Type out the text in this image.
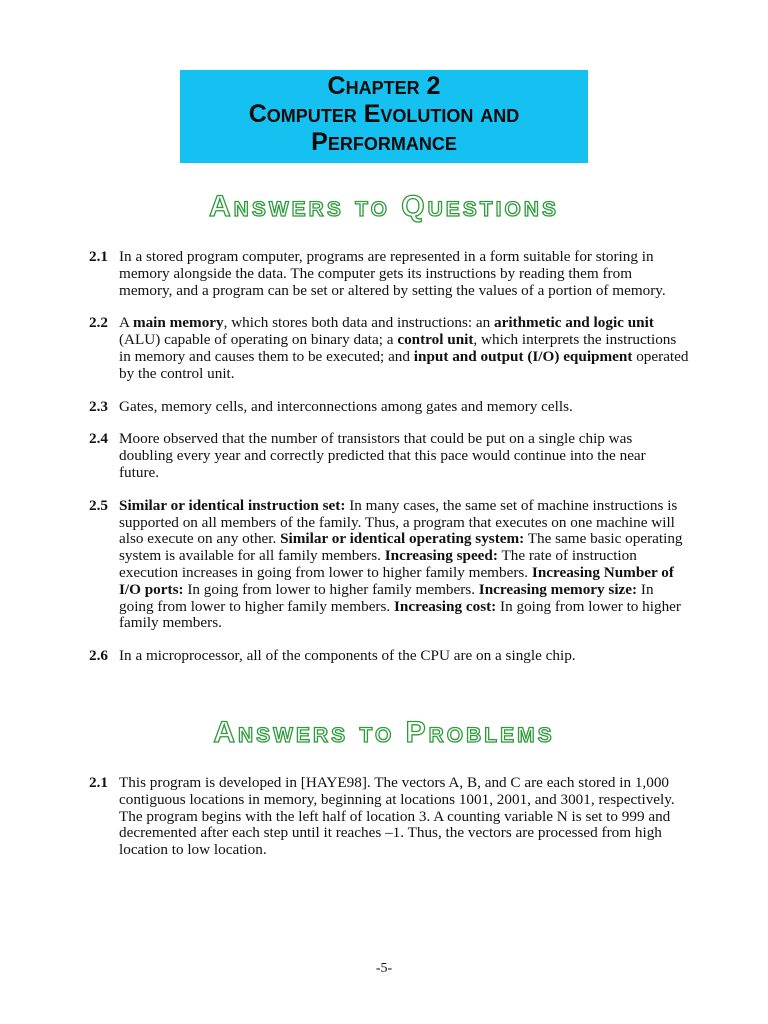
Chapter 2
Computer Evolution and
Performance
Answers to Questions
2.1 In a stored program computer, programs are represented in a form suitable for storing in memory alongside the data. The computer gets its instructions by reading them from memory, and a program can be set or altered by setting the values of a portion of memory.
2.2 A main memory, which stores both data and instructions: an arithmetic and logic unit (ALU) capable of operating on binary data; a control unit, which interprets the instructions in memory and causes them to be executed; and input and output (I/O) equipment operated by the control unit.
2.3 Gates, memory cells, and interconnections among gates and memory cells.
2.4 Moore observed that the number of transistors that could be put on a single chip was doubling every year and correctly predicted that this pace would continue into the near future.
2.5 Similar or identical instruction set: In many cases, the same set of machine instructions is supported on all members of the family. Thus, a program that executes on one machine will also execute on any other. Similar or identical operating system: The same basic operating system is available for all family members. Increasing speed: The rate of instruction execution increases in going from lower to higher family members. Increasing Number of I/O ports: In going from lower to higher family members. Increasing memory size: In going from lower to higher family members. Increasing cost: In going from lower to higher family members.
2.6 In a microprocessor, all of the components of the CPU are on a single chip.
Answers to Problems
2.1 This program is developed in [HAYE98]. The vectors A, B, and C are each stored in 1,000 contiguous locations in memory, beginning at locations 1001, 2001, and 3001, respectively. The program begins with the left half of location 3. A counting variable N is set to 999 and decremented after each step until it reaches –1. Thus, the vectors are processed from high location to low location.
-5-
